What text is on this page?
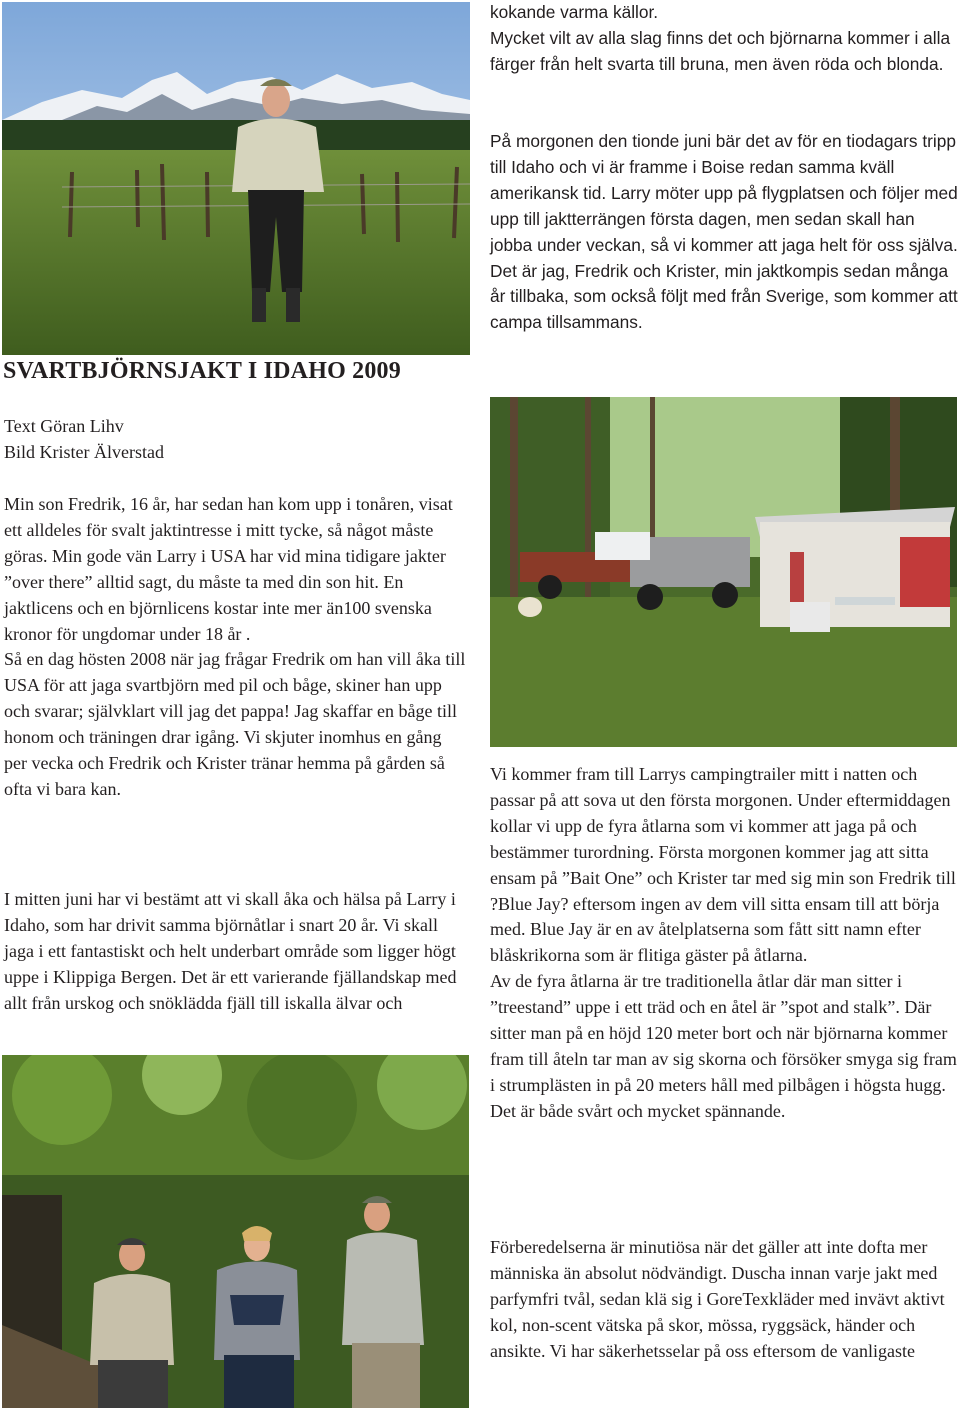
SVARTBJÖRNSJAKT I IDAHO 2009

Text Göran Lihv

Bild Krister Älverstad

Min son Fredrik, 16 år, har sedan han kom upp i tonåren, visat ett alldeles för svalt jaktintresse i mitt tycke, så något måste göras. Min gode vän Larry i USA har vid mina tidigare jakter ”over there” alltid sagt, du måste ta med din son hit. En jaktlicens och en björnlicens kostar inte mer än100 svenska kronor för ungdomar under 18 år .

Så en dag hösten 2008 när jag frågar Fredrik om han vill åka till USA för att jaga svartbjörn med pil och båge, skiner han upp och svarar; självklart vill jag det pappa! Jag skaffar en båge till honom och träningen drar igång. Vi skjuter inomhus en gång per vecka och Fredrik och Krister tränar hemma på gården så ofta vi bara kan.

I mitten juni har vi bestämt att vi skall åka och hälsa på Larry i Idaho, som har drivit samma björnåtlar i snart 20 år. Vi skall jaga i ett fantastiskt och helt underbart område som ligger högt uppe i Klippiga Bergen. Det är ett varierande fjällandskap med allt från urskog och snöklädda fjäll till iskalla älvar och

kokande varma källor.

Mycket vilt av alla slag finns det och björnarna kommer i alla färger från helt svarta till bruna, men även röda och blonda.

På morgonen den tionde juni bär det av för en tiodagars tripp till Idaho och vi är framme i Boise redan samma kväll amerikansk tid. Larry möter upp på flygplatsen och följer med upp till jaktterrängen första dagen, men sedan skall han jobba under veckan, så vi kommer att jaga helt för oss själva. Det är jag, Fredrik och Krister, min jaktkompis sedan många år tillbaka, som också följt med från Sverige, som kommer att campa tillsammans.

Vi kommer fram till Larrys campingtrailer mitt i natten och passar på att sova ut den första morgonen. Under eftermiddagen kollar vi upp de fyra åtlarna som vi kommer att jaga på och bestämmer turordning. Första morgonen kommer jag att sitta ensam på ”Bait One” och Krister tar med sig min son Fredrik till ?Blue Jay? eftersom ingen av dem vill sitta ensam till att börja med. Blue Jay är en av åtelplatserna som fått sitt namn efter blåskrikorna som är flitiga gäster på åtlarna.

Av de fyra åtlarna är tre traditionella åtlar där man sitter i ”treestand” uppe i ett träd och en åtel är ”spot and stalk”. Där sitter man på en höjd 120 meter bort och när björnarna kommer fram till åteln tar man av sig skorna och försöker smyga sig fram i strumplästen in på 20 meters håll med pilbågen i högsta hugg. Det är både svårt och mycket spännande.

Förberedelserna är minutiösa när det gäller att inte dofta mer människa än absolut nödvändigt. Duscha innan varje jakt med parfymfri tvål, sedan klä sig i GoreTexkläder med invävt aktivt kol, non-scent vätska på skor, mössa, ryggsäck, händer och ansikte. Vi har säkerhetsselar på oss eftersom de vanligaste
